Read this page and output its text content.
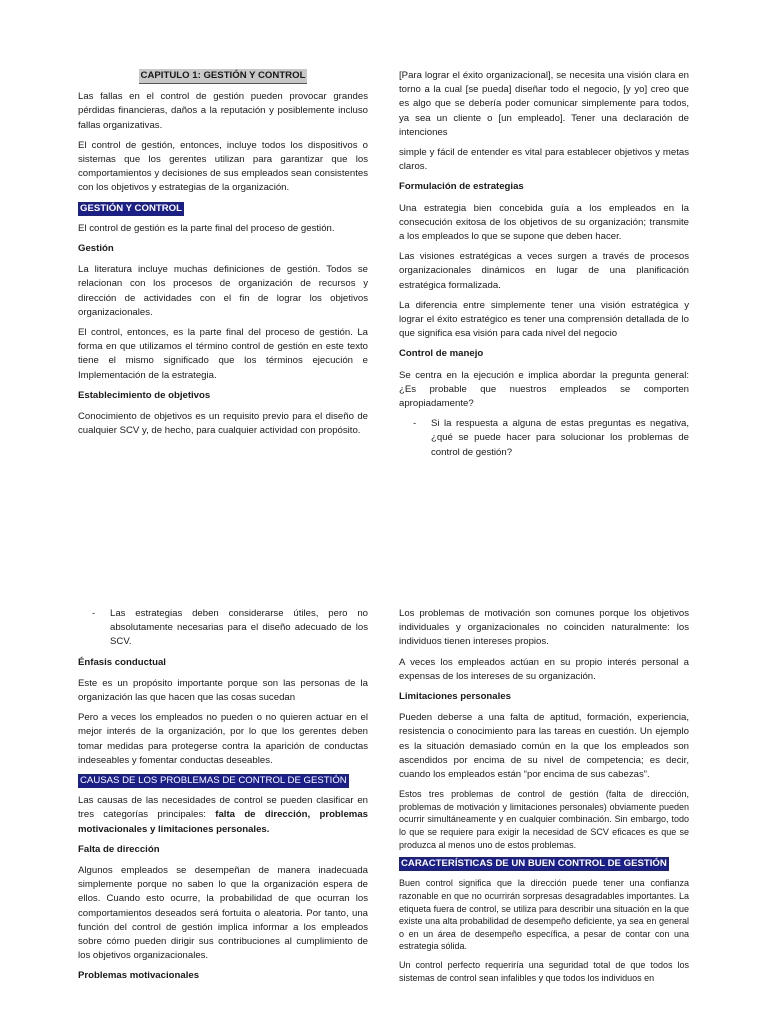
CAPITULO 1: GESTIÓN Y CONTROL

Las fallas en el control de gestión pueden provocar grandes pérdidas financieras, daños a la reputación y posiblemente incluso fallas organizativas.

El control de gestión, entonces, incluye todos los dispositivos o sistemas que los gerentes utilizan para garantizar que los comportamientos y decisiones de sus empleados sean consistentes con los objetivos y estrategias de la organización.

GESTIÓN Y CONTROL

El control de gestión es la parte final del proceso de gestión.

Gestión

La literatura incluye muchas definiciones de gestión. Todos se relacionan con los procesos de organización de recursos y dirección de actividades con el fin de lograr los objetivos organizacionales.

El control, entonces, es la parte final del proceso de gestión. La forma en que utilizamos el término control de gestión en este texto tiene el mismo significado que los términos ejecución e Implementación de la estrategia.

Establecimiento de objetivos

Conocimiento de objetivos es un requisito previo para el diseño de cualquier SCV y, de hecho, para cualquier actividad con propósito.

[Para lograr el éxito organizacional], se necesita una visión clara en torno a la cual [se pueda] diseñar todo el negocio, [y yo] creo que es algo que se debería poder comunicar simplemente para todos, ya sea un cliente o [un empleado]. Tener una declaración de intenciones

simple y fácil de entender es vital para establecer objetivos y metas claros.

Formulación de estrategias

Una estrategia bien concebida guía a los empleados en la consecución exitosa de los objetivos de su organización; transmite a los empleados lo que se supone que deben hacer.

Las visiones estratégicas a veces surgen a través de procesos organizacionales dinámicos en lugar de una planificación estratégica formalizada.

La diferencia entre simplemente tener una visión estratégica y lograr el éxito estratégico es tener una comprensión detallada de lo que significa esa visión para cada nivel del negocio

Control de manejo

Se centra en la ejecución e implica abordar la pregunta general: ¿Es probable que nuestros empleados se comporten apropiadamente?

-	Si la respuesta a alguna de estas preguntas es negativa, ¿qué se puede hacer para solucionar los problemas de control de gestión?
-	Las estrategias deben considerarse útiles, pero no absolutamente necesarias para el diseño adecuado de los SCV.
Énfasis conductual

Este es un propósito importante porque son las personas de la organización las que hacen que las cosas sucedan

Pero a veces los empleados no pueden o no quieren actuar en el mejor interés de la organización, por lo que los gerentes deben tomar medidas para protegerse contra la aparición de conductas indeseables y fomentar conductas deseables.

CAUSAS DE LOS PROBLEMAS DE CONTROL DE GESTIÓN

Las causas de las necesidades de control se pueden clasificar en tres categorías principales: falta de dirección, problemas motivacionales y limitaciones personales.

Falta de dirección

Algunos empleados se desempeñan de manera inadecuada simplemente porque no saben lo que la organización espera de ellos. Cuando esto ocurre, la probabilidad de que ocurran los comportamientos deseados será fortuita o aleatoria. Por tanto, una función del control de gestión implica informar a los empleados sobre cómo pueden dirigir sus contribuciones al cumplimiento de los objetivos organizacionales.

Problemas motivacionales

Los problemas de motivación son comunes porque los objetivos individuales y organizacionales no coinciden naturalmente: los individuos tienen intereses propios.

A veces los empleados actúan en su propio interés personal a expensas de los intereses de su organización.

Limitaciones personales

Pueden deberse a una falta de aptitud, formación, experiencia, resistencia o conocimiento para las tareas en cuestión. Un ejemplo es la situación demasiado común en la que los empleados son ascendidos por encima de su nivel de competencia; es decir, cuando los empleados están “por encima de sus cabezas”.

Estos tres problemas de control de gestión (falta de dirección, problemas de motivación y limitaciones personales) obviamente pueden ocurrir simultáneamente y en cualquier combinación. Sin embargo, todo lo que se requiere para exigir la necesidad de SCV eficaces es que se produzca al menos uno de estos problemas.

CARACTERÍSTICAS DE UN BUEN CONTROL DE GESTIÓN

Buen control significa que la dirección puede tener una confianza razonable en que no ocurrirán sorpresas desagradables importantes. La etiqueta fuera de control, se utiliza para describir una situación en la que existe una alta probabilidad de desempeño deficiente, ya sea en general o en un área de desempeño específica, a pesar de contar con una estrategia sólida.

Un control perfecto requeriría una seguridad total de que todos los sistemas de control sean infalibles y que todos los individuos en
